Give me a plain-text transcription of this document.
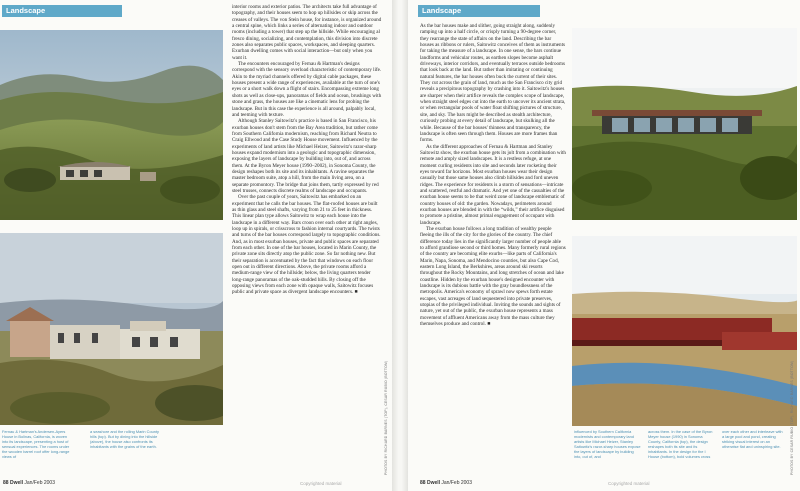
Landscape
Fernau & Hartman's Andersen-Ayers House in Bolinas, California, is woven into its landscape, presenting a host of sensual experiences. The rooms under the wooden barrel roof offer long-range views of
a seashore and the rolling Marin County hills (top). But by dining into the hillside (above), the house also confronts its inhabitants with the grains of the earth.

interior rooms and exterior patios. The architects take full advantage of topography, and their houses seem to hop up hillsides or skip across the creases of valleys. The von Stein house, for instance, is organized around a central spine, which links a series of alternating indoor and outdoor rooms (including a tower) that step up the hillside. While encouraging al fresco dining, socializing, and contemplation, this division into discrete zones also separates public spaces, workspaces, and sleeping quarters. Exurban dwelling comes with social interaction—but only when you want it.

The encounters encouraged by Fernau & Hartman's designs correspond with the sensory overload characteristic of contemporary life. Akin to the myriad channels offered by digital cable packages, these houses present a wide range of experiences, available at the turn of one's eyes or a short walk down a flight of stairs. Encompassing extreme long shots as well as close-ups, panoramas of fields and ocean, brushings with stone and grass, the houses are like a cinematic lens for probing the landscape. But in this case the experience is all around, palpably local, and teeming with texture.

Although Stanley Saitowitz's practice is based in San Francisco, his exurban houses don't stem from the Bay Area tradition, but rather come from Southern California modernism, reaching from Richard Neutra to Craig Ellwood and the Case Study House movement. Influenced by the experiments of land artists like Michael Heizer, Saitowitz's razor-sharp houses expand modernism into a geologic and topographic dimension, exposing the layers of landscape by building into, out of, and across them. At the Byron Meyer house (1990–2002), in Sonoma County, the design reshapes both its site and its inhabitants. A ravine separates the master bedroom suite, atop a hill, from the main living area, on a separate promontory. The bridge that joins them, tartly expressed by red steel trusses, connects discrete realms of landscape and occupants.

Over the past couple of years, Saitowitz has embarked on an experiment that he calls the bar houses. The flat-roofed houses are built as thin glass and steel shafts, varying from 21 to 25 feet in thickness. This linear plan type allows Saitowitz to wrap each house into the landscape in a different way. Bars croon over each other at right angles, loop up in spirals, or crisscross to fashion internal courtyards. The twists and turns of the bar houses correspond largely to topographic conditions. And, as in most exurban houses, private and public spaces are separated from each other. In one of the bar houses, located in Marin County, the private zone sits directly atop the public zone. So far nothing new. But their separation is accentuated by the fact that windows on each floor open out in different directions. Above, the private rooms afford a medium-range view of the hillside; below, the living quarters tender long-range panoramas of the oak-studded hills. By closing off the opposing views from each zone with opaque walls, Saitowitz focuses public and private space as divergent landscape encounters. ■

PHOTOS BY RICHARD BARNES (TOP), CESAR RUBIO (BOTTOM)
88 Dwell Jan/Feb 2003	Copyrighted material
Landscape

As the bar houses make and slither, going straight along, suddenly ramping up into a half circle, or crisply turning a 90-degree corner, they rearrange the state of affairs on the land. Describing the bar houses as ribbons or rulers, Saitowitz conceives of them as instruments for taking the measure of a landscape. In one sense, the bars continue landforms and vehicular routes, as earthen slopes become asphalt driveways, interior corridors, and eventually terraces outside bedrooms that look back at the land. But rather than imitating or continuing natural features, the bar houses often buck the current of their sites. They cut across the grain of land, much as the San Francisco city grid reveals a precipitous topography by crashing into it. Saitowitz's houses are sharper when their artifice reveals the complex scope of landscape, when straight steel edges cut into the earth to uncover its ancient strata, or when rectangular pools of water float shifting pictures of structure, site, and sky. The bars might be described as stealth architecture, curiously probing at every detail of landscape, but skulking all the while. Because of the bar houses' thinness and transparency, the landscape is often seen through them. Houses are more frames than forms.

As the different approaches of Fernau & Hartman and Stanley Saitowitz show, the exurban house gets its jolt from a combination with remote and amply sized landscapes. It is a restless refuge, at one moment curling residents into site and seconds later rocketing their eyes toward far horizons. Most exurban houses wear their design casually but those same houses also climb hillsides and ford uneven ridges. The experience for residents is a storm of sensations—intricate and scattered, restful and dramatic. And yet one of the casualties of the exurban house seems to be that weird zone of landscape emblematic of country houses of old: the garden. Nowadays, perimeters around exurban houses are blended in with the “wilds,” their artifice disguised to promote a pristine, almost primal engagement of occupant with landscape.

The exurban house follows a long tradition of wealthy people fleeing the ills of the city for the glories of the country. The chief difference today lies in the significantly larger number of people able to afford grandiose second or third homes. Many formerly rural regions of the country are becoming elite exurbs—like parts of California's Marin, Napa, Sonoma, and Mendocino counties, but also Cape Cod, eastern Long Island, the Berkshires, areas around ski resorts throughout the Rocky Mountains, and long stretches of ocean and lake coastline. Hidden by the exurban house's designed encounter with landscape is its dubious battle with the gray boundlessness of the metropolis. America's economy of sprawl now spews forth estate escapes, vast acreages of land sequestered into private preserves, utopias of the privileged individual. Inviting the sounds and sights of nature, yet out of the public, the exurban house represents a mass movement of affluent Americans away from the mass culture they themselves produce and control. ■

influenced by Southern California modernists and contemporary land artists like Michael Heizer, Stanley Saitowitz's razor-sharp houses expose the layers of landscape by building into, out of, and
across them. In the case of the Byron Meyer house (1990) in Sonoma County, California (top), the design reshapes both its site and its inhabitants. In the design for the I House (bottom), bold volumes cross
over each other and interleave with a large pool and pond, creating striking visual interest on an otherwise flat and uninspiring site.	PHOTOS BY CESAR RUBIO (TOP), RICHARD BARNES (BOTTOM)
88 Dwell Jan/Feb 2003	Copyrighted material
